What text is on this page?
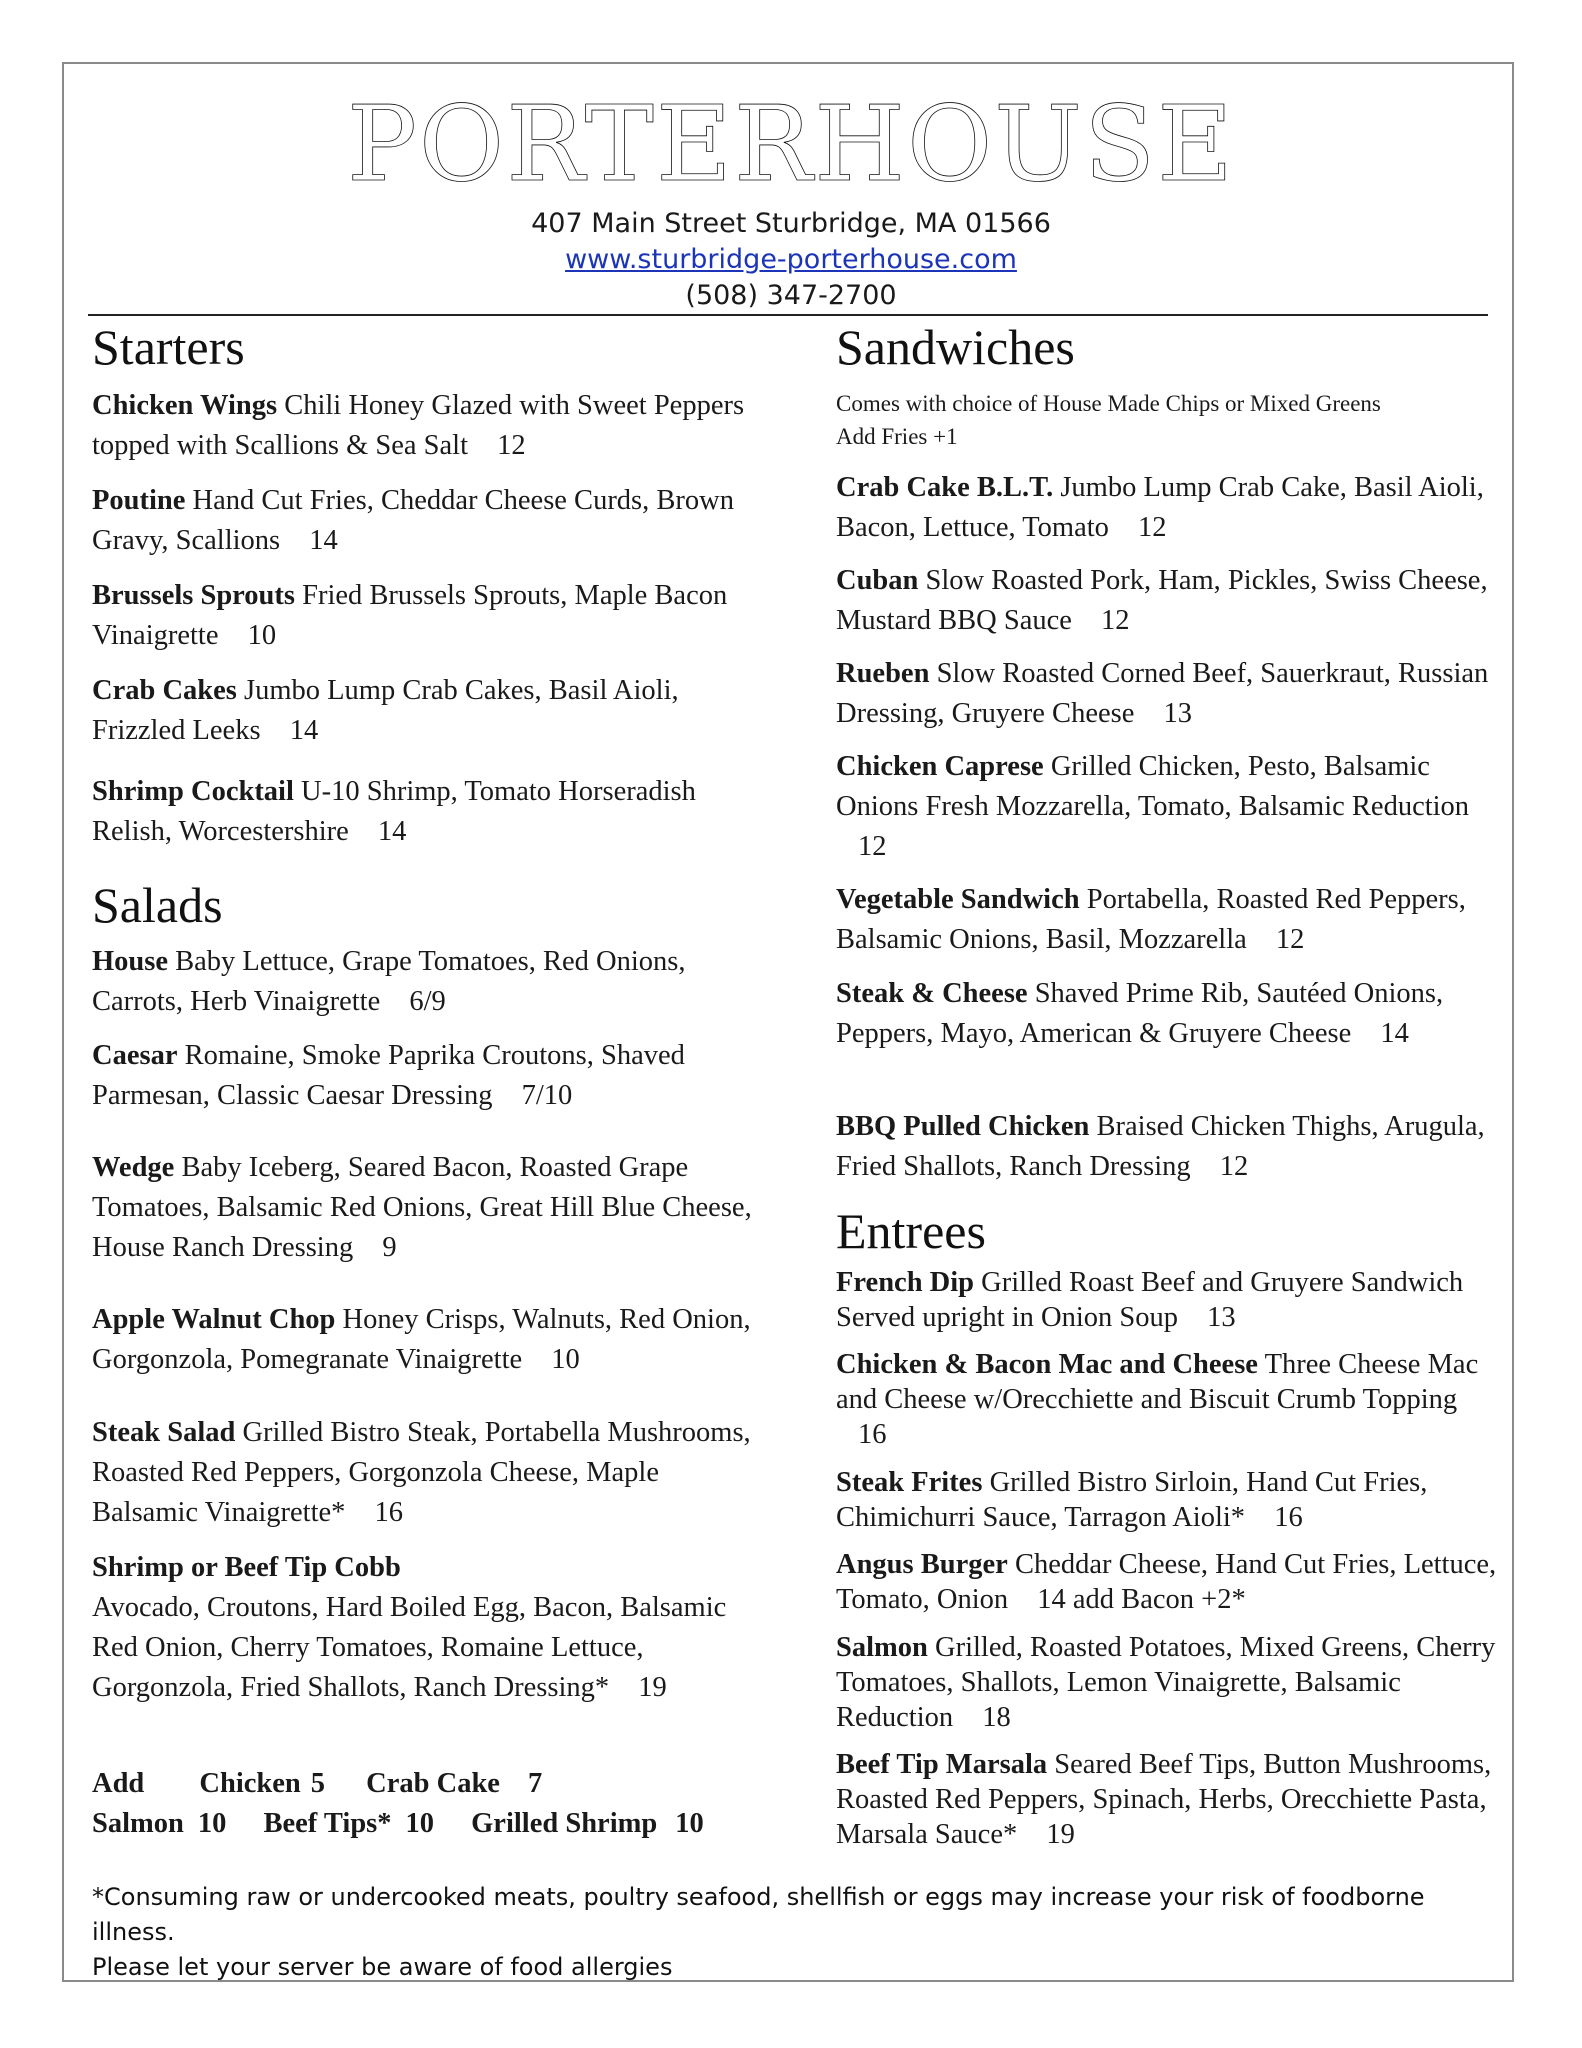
PORTERHOUSE
407 Main Street Sturbridge, MA 01566
www.sturbridge-porterhouse.com
(508) 347-2700
Starters
Chicken Wings Chili Honey Glazed with Sweet Peppers topped with Scallions & Sea Salt 12
Poutine Hand Cut Fries, Cheddar Cheese Curds, Brown Gravy, Scallions 14
Brussels Sprouts Fried Brussels Sprouts, Maple Bacon Vinaigrette 10
Crab Cakes Jumbo Lump Crab Cakes, Basil Aioli, Frizzled Leeks 14
Shrimp Cocktail U-10 Shrimp, Tomato Horseradish Relish, Worcestershire 14
Salads
House Baby Lettuce, Grape Tomatoes, Red Onions, Carrots, Herb Vinaigrette 6/9
Caesar Romaine, Smoke Paprika Croutons, Shaved Parmesan, Classic Caesar Dressing 7/10
Wedge Baby Iceberg, Seared Bacon, Roasted Grape Tomatoes, Balsamic Red Onions, Great Hill Blue Cheese, House Ranch Dressing 9
Apple Walnut Chop Honey Crisps, Walnuts, Red Onion, Gorgonzola, Pomegranate Vinaigrette 10
Steak Salad Grilled Bistro Steak, Portabella Mushrooms, Roasted Red Peppers, Gorgonzola Cheese, Maple Balsamic Vinaigrette* 16
Shrimp or Beef Tip Cobb
Avocado, Croutons, Hard Boiled Egg, Bacon, Balsamic Red Onion, Cherry Tomatoes, Romaine Lettuce, Gorgonzola, Fried Shallots, Ranch Dressing* 19
Add Chicken 5 Crab Cake 7
Salmon 10 Beef Tips* 10 Grilled Shrimp 10
Sandwiches
Comes with choice of House Made Chips or Mixed Greens
Add Fries +1
Crab Cake B.L.T. Jumbo Lump Crab Cake, Basil Aioli, Bacon, Lettuce, Tomato 12
Cuban Slow Roasted Pork, Ham, Pickles, Swiss Cheese, Mustard BBQ Sauce 12
Rueben Slow Roasted Corned Beef, Sauerkraut, Russian Dressing, Gruyere Cheese 13
Chicken Caprese Grilled Chicken, Pesto, Balsamic Onions Fresh Mozzarella, Tomato, Balsamic Reduction 12
Vegetable Sandwich Portabella, Roasted Red Peppers, Balsamic Onions, Basil, Mozzarella 12
Steak & Cheese Shaved Prime Rib, Sautéed Onions, Peppers, Mayo, American & Gruyere Cheese 14
BBQ Pulled Chicken Braised Chicken Thighs, Arugula, Fried Shallots, Ranch Dressing 12
Entrees
French Dip Grilled Roast Beef and Gruyere Sandwich Served upright in Onion Soup 13
Chicken & Bacon Mac and Cheese Three Cheese Mac and Cheese w/Orecchiette and Biscuit Crumb Topping 16
Steak Frites Grilled Bistro Sirloin, Hand Cut Fries, Chimichurri Sauce, Tarragon Aioli* 16
Angus Burger Cheddar Cheese, Hand Cut Fries, Lettuce, Tomato, Onion 14 add Bacon +2*
Salmon Grilled, Roasted Potatoes, Mixed Greens, Cherry Tomatoes, Shallots, Lemon Vinaigrette, Balsamic Reduction 18
Beef Tip Marsala Seared Beef Tips, Button Mushrooms, Roasted Red Peppers, Spinach, Herbs, Orecchiette Pasta, Marsala Sauce* 19
*Consuming raw or undercooked meats, poultry seafood, shellfish or eggs may increase your risk of foodborne illness.
Please let your server be aware of food allergies
